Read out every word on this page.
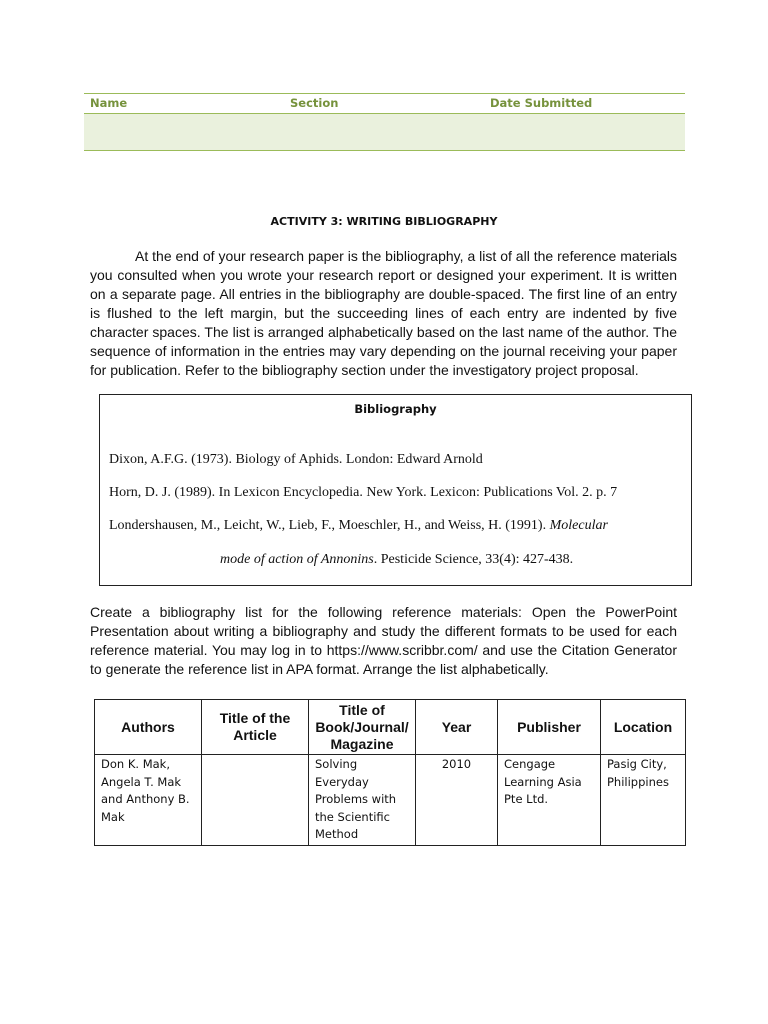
Name	Section	Date Submitted
ACTIVITY 3: WRITING BIBLIOGRAPHY

At the end of your research paper is the bibliography, a list of all the reference materials you consulted when you wrote your research report or designed your experiment. It is written on a separate page. All entries in the bibliography are double-spaced. The first line of an entry is flushed to the left margin, but the succeeding lines of each entry are indented by five character spaces. The list is arranged alphabetically based on the last name of the author. The sequence of information in the entries may vary depending on the journal receiving your paper for publication. Refer to the bibliography section under the investigatory project proposal.

Bibliography
Dixon, A.F.G. (1973). Biology of Aphids. London: Edward Arnold
Horn, D. J. (1989). In Lexicon Encyclopedia. New York. Lexicon: Publications Vol. 2. p. 7
Londershausen, M., Leicht, W., Lieb, F., Moeschler, H., and Weiss, H. (1991). Molecular
mode of action of Annonins. Pesticide Science, 33(4): 427-438.

Create a bibliography list for the following reference materials: Open the PowerPoint Presentation about writing a bibliography and study the different formats to be used for each reference material. You may log in to https://www.scribbr.com/ and use the Citation Generator to generate the reference list in APA format. Arrange the list alphabetically.

Authors	Title of the Article	Title of Book/Journal/ Magazine	Year	Publisher	Location
Don K. Mak, Angela T. Mak and Anthony B. Mak		Solving Everyday Problems with the Scientific Method	2010	Cengage Learning Asia Pte Ltd.	Pasig City, Philippines
